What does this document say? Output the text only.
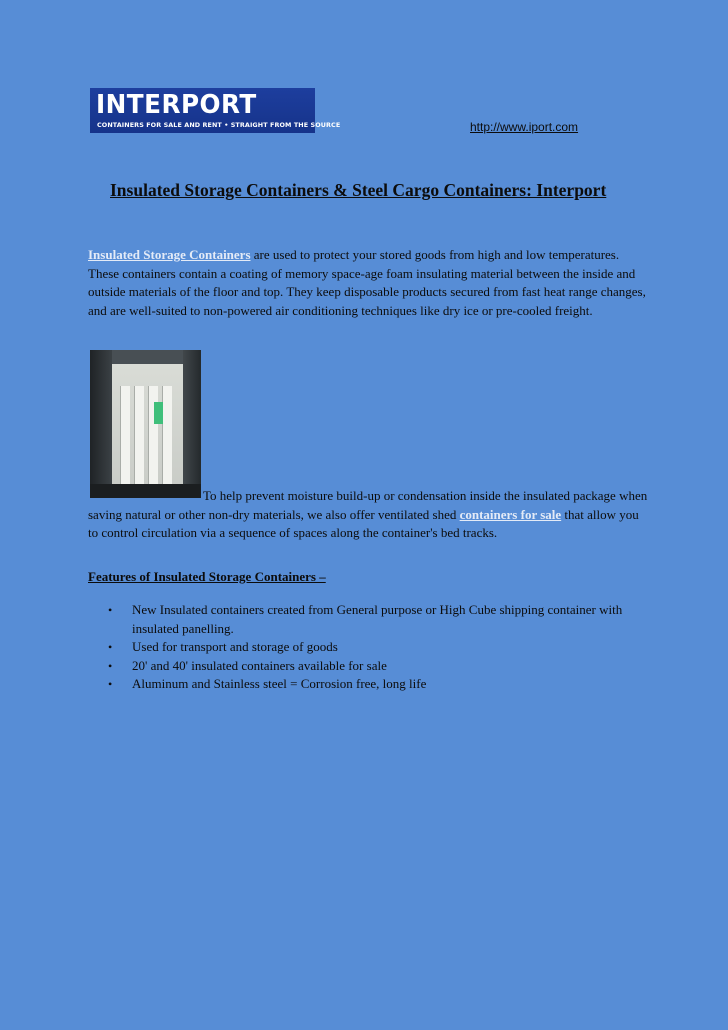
INTERPORT
CONTAINERS FOR SALE AND RENT • STRAIGHT FROM THE SOURCE	http://www.iport.com
Insulated Storage Containers & Steel Cargo Containers: Interport

Insulated Storage Containers are used to protect your stored goods from high and low temperatures. These containers contain a coating of memory space-age foam insulating material between the inside and outside materials of the floor and top. They keep disposable products secured from fast heat range changes, and are well-suited to non-powered air conditioning techniques like dry ice or pre-cooled freight.

To help prevent moisture build-up or condensation inside the insulated package when saving natural or other non-dry materials, we also offer ventilated shed containers for sale that allow you to control circulation via a sequence of spaces along the container's bed tracks.

Features of Insulated Storage Containers –
• New Insulated containers created from General purpose or High Cube shipping container with insulated panelling.
• Used for transport and storage of goods
• 20' and 40' insulated containers available for sale
• Aluminum and Stainless steel = Corrosion free, long life
